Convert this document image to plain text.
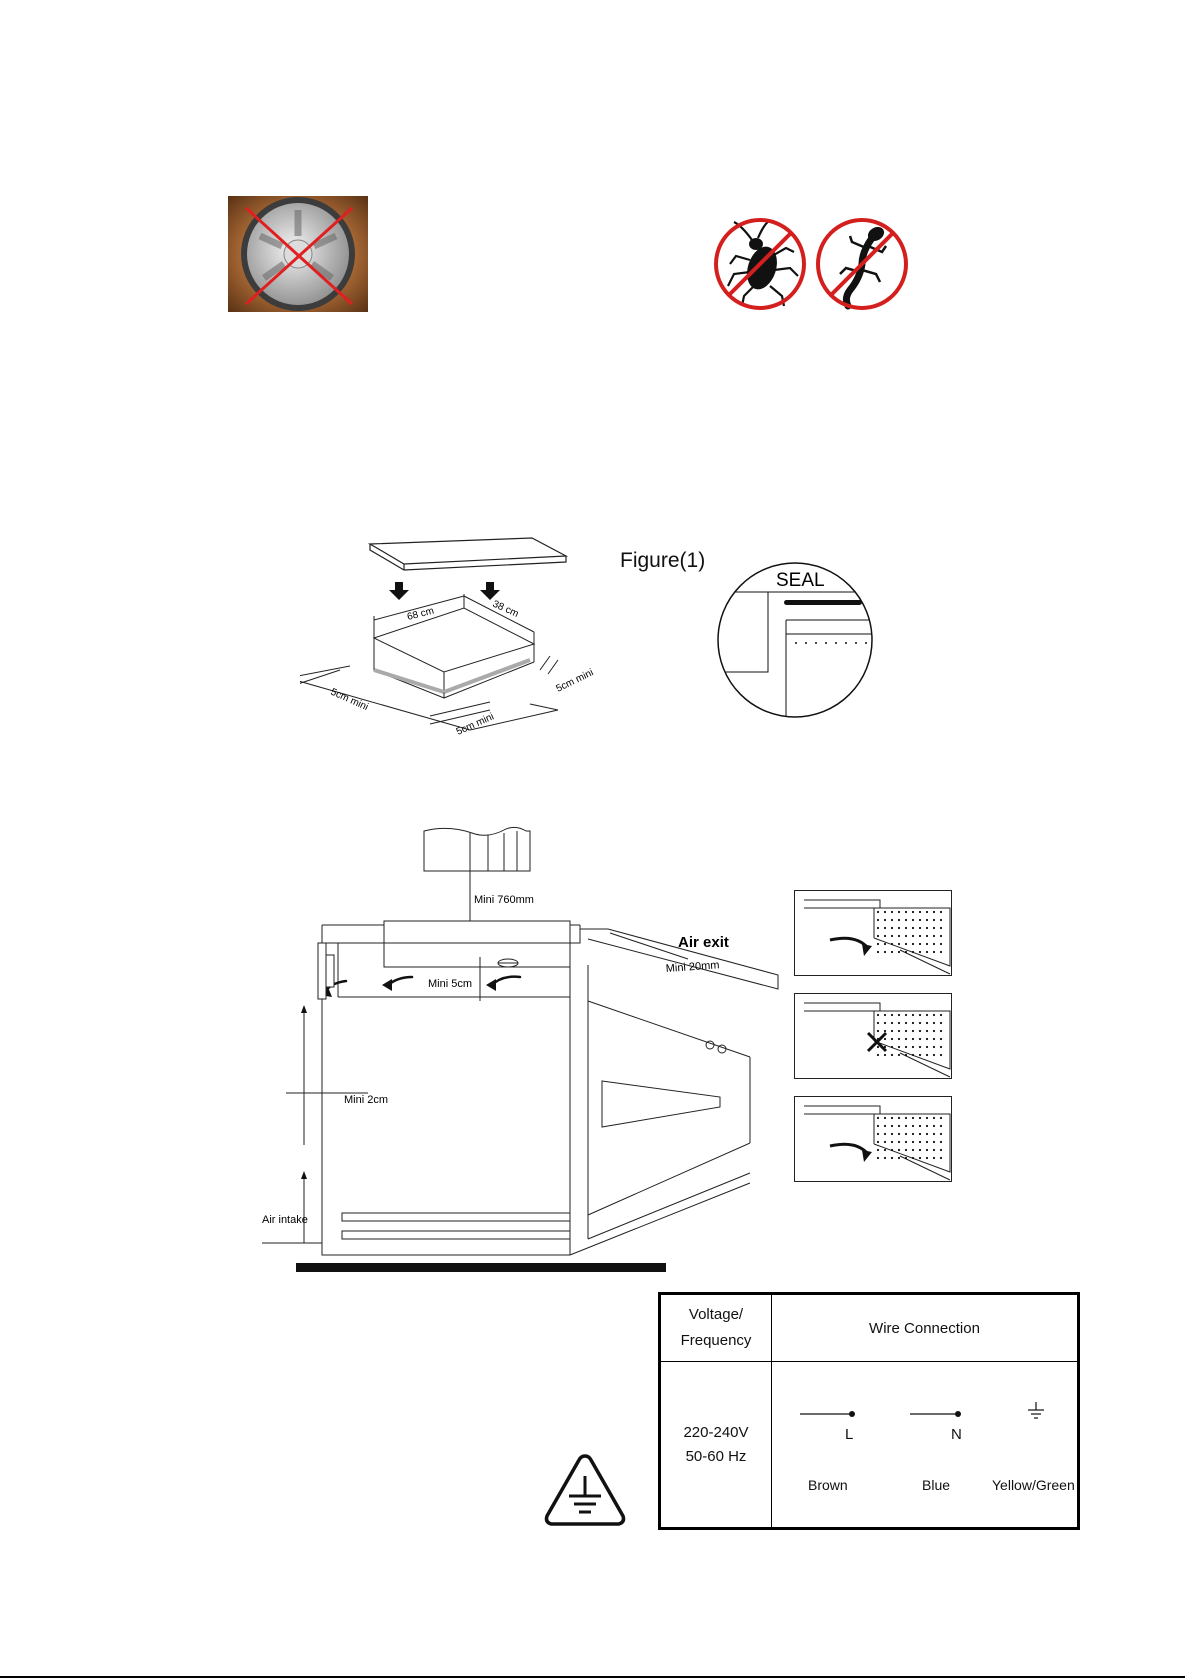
68 cm	38 cm
5cm mini
5cm mini
5cm mini
Figure(1)
SEAL
Mini 760mm
Air exit
Mini 20mm
Mini 5cm
Mini 2cm
Air intake
Voltage/
Frequency	Wire Connection
220-240V
50-60 Hz	L N
Brown Blue Yellow/Green
